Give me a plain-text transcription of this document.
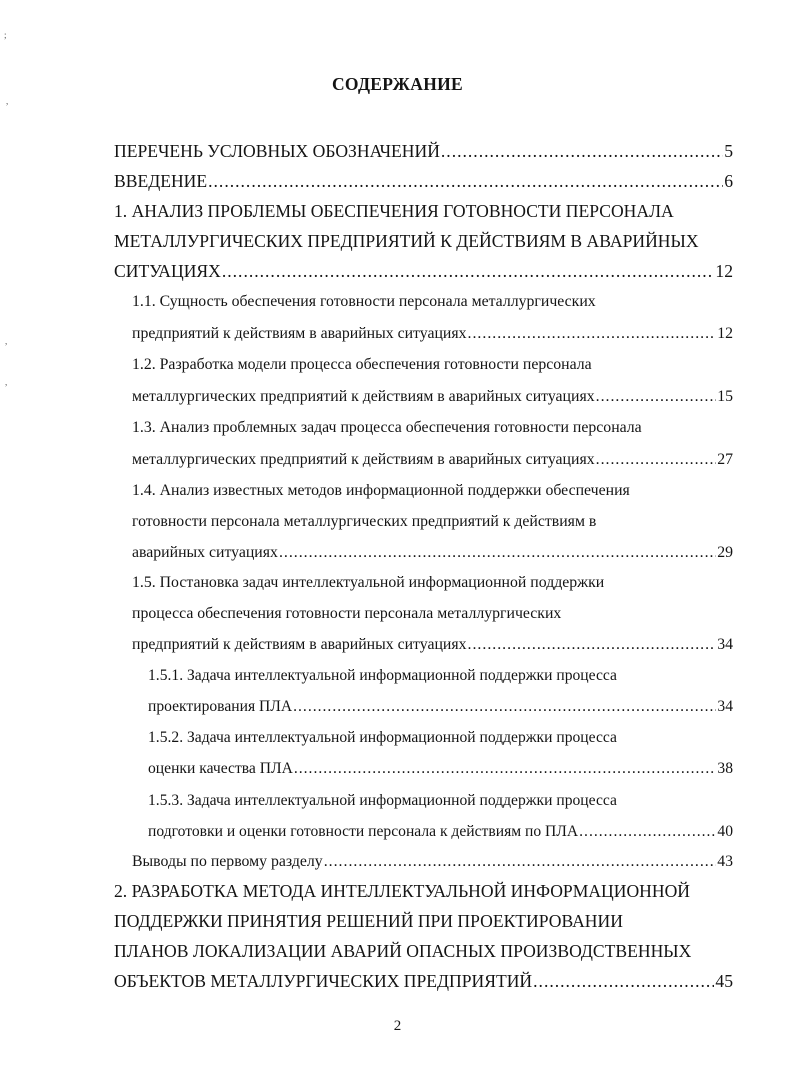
СОДЕРЖАНИЕ
ПЕРЕЧЕНЬ УСЛОВНЫХ ОБОЗНАЧЕНИЙ .....	5
ВВЕДЕНИЕ .....	6
1. АНАЛИЗ ПРОБЛЕМЫ ОБЕСПЕЧЕНИЯ ГОТОВНОСТИ ПЕРСОНАЛА
МЕТАЛЛУРГИЧЕСКИХ ПРЕДПРИЯТИЙ К ДЕЙСТВИЯМ В АВАРИЙНЫХ
СИТУАЦИЯХ .....	12
1.1. Сущность обеспечения готовности персонала металлургических
предприятий к действиям в аварийных ситуациях .....	12
1.2. Разработка модели процесса обеспечения готовности персонала
металлургических предприятий к действиям в аварийных ситуациях .....	15
1.3. Анализ проблемных задач процесса обеспечения готовности персонала
металлургических предприятий к действиям в аварийных ситуациях .....	27
1.4. Анализ известных методов информационной поддержки обеспечения
готовности персонала металлургических предприятий к действиям в
аварийных ситуациях .....	29
1.5. Постановка задач интеллектуальной информационной поддержки
процесса обеспечения готовности персонала металлургических
предприятий к действиям в аварийных ситуациях .....	34
1.5.1. Задача интеллектуальной информационной поддержки процесса
проектирования ПЛА .....	34
1.5.2. Задача интеллектуальной информационной поддержки процесса
оценки качества ПЛА .....	38
1.5.3. Задача интеллектуальной информационной поддержки процесса
подготовки и оценки готовности персонала к действиям по ПЛА .....	40
Выводы по первому разделу .....	43
2. РАЗРАБОТКА МЕТОДА ИНТЕЛЛЕКТУАЛЬНОЙ ИНФОРМАЦИОННОЙ
ПОДДЕРЖКИ ПРИНЯТИЯ РЕШЕНИЙ ПРИ ПРОЕКТИРОВАНИИ
ПЛАНОВ ЛОКАЛИЗАЦИИ АВАРИЙ ОПАСНЫХ ПРОИЗВОДСТВЕННЫХ
ОБЪЕКТОВ МЕТАЛЛУРГИЧЕСКИХ ПРЕДПРИЯТИЙ .....	45
;
,
,
,
2
